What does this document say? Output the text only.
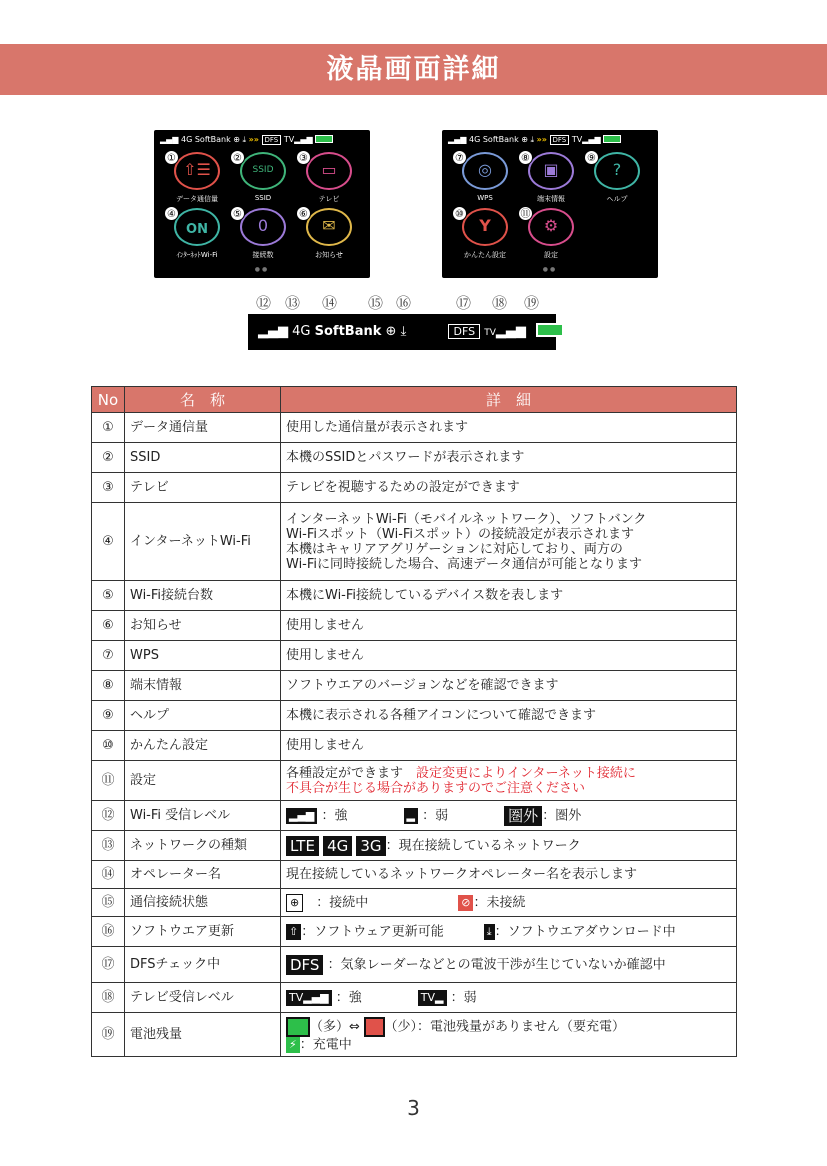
液晶画面詳細
▂▄▆ 4G SoftBank ⊕ ⤓ »» DFS TV▂▄▆
⇧☰
①
データ通信量
SSID
②
SSID
▭
③
テレビ
ON
④
ｲﾝﾀｰﾈｯﾄWi-Fi
0
⑤
接続数
✉
⑥
お知らせ
●●
▂▄▆ 4G SoftBank ⊕ ⤓ »» DFS TV▂▄▆
◎
⑦
WPS
▣
⑧
端末情報
?
⑨
ヘルプ
Y
⑩
かんたん設定
⚙
⑪
設定
●●
⑫ ⑬ ⑭ ⑮ ⑯	⑰ ⑱ ⑲
▂▄▆ 4G SoftBank ⊕ ⤓	DFS TV▂▄▆
No	名　称	詳　細
①	データ通信量	使用した通信量が表示されます
②	SSID	本機のSSIDとパスワードが表示されます
③	テレビ	テレビを視聴するための設定ができます
④	インターネットWi-Fi	インターネットWi-Fi（モバイルネットワーク）、ソフトバンク
Wi-Fiスポット（Wi-Fiスポット）の接続設定が表示されます
本機はキャリアアグリゲーションに対応しており、両方の
Wi-Fiに同時接続した場合、高速データ通信が可能となります

⑤	Wi-Fi接続台数	本機にWi-Fi接続しているデバイス数を表します
⑥	お知らせ	使用しません
⑦	WPS	使用しません
⑧	端末情報	ソフトウエアのバージョンなどを確認できます
⑨	ヘルプ	本機に表示される各種アイコンについて確認できます
⑩	かんたん設定	使用しません
⑪	設定	各種設定ができます　 設定変更によりインターネット接続に
不具合が生じる場合がありますのでご注意ください

⑫	Wi-Fi 受信レベル	▂▄▆ ：強 ▂ ：弱 圏外 ：圏外
⑬	ネットワークの種類	LTE 4G 3G ：現在接続しているネットワーク
⑭	オペレーター名	現在接続しているネットワークオペレーター名を表示します
⑮	通信接続状態	⊕　 ：接続中 ⊘ ：未接続
⑯	ソフトウエア更新	⇧ ：ソフトウェア更新可能 ⤓ ：ソフトウエアダウンロード中
⑰	DFSチェック中	DFS ：気象レーダーなどとの電波干渉が生じていないか確認中
⑱	テレビ受信レベル	TV▂▄▆ ：強 TV▂ ：弱
⑲	電池残量	（多）⇔ （少）：電池残量がありません（要充電）
⚡ ：充電中
3
